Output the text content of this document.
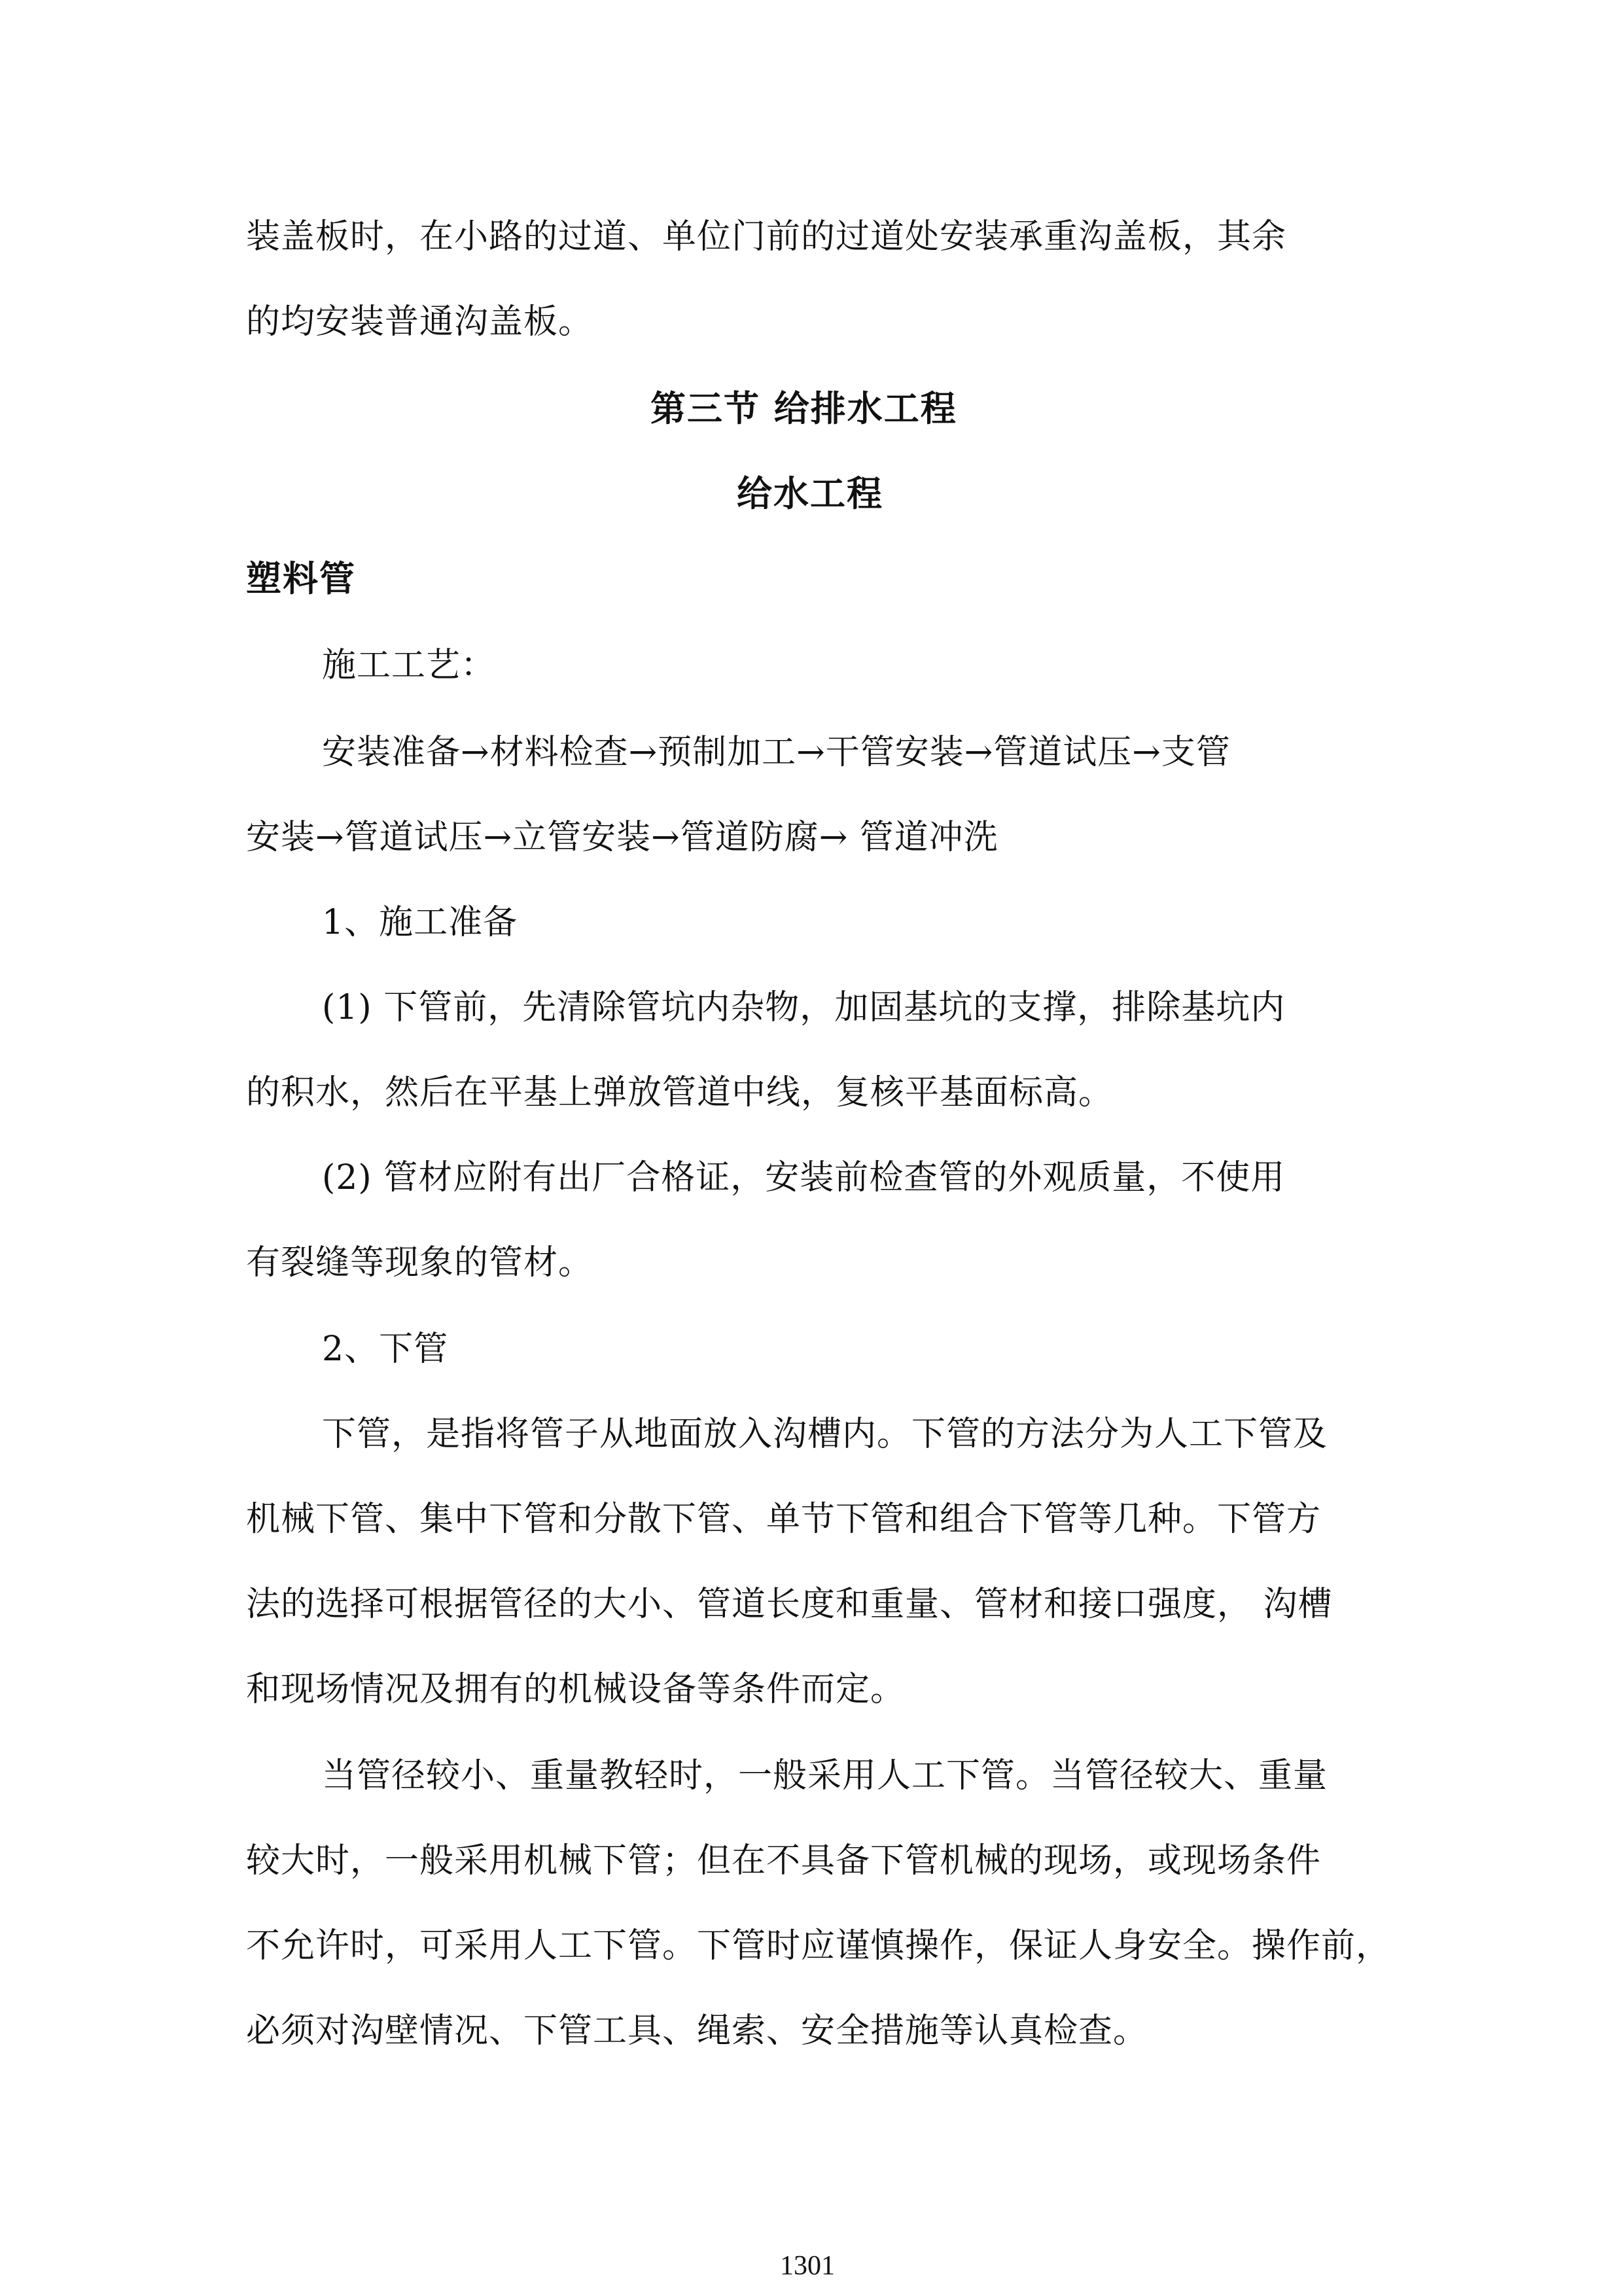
装盖板时，在小路的过道、单位门前的过道处安装承重沟盖板，其余
的均安装普通沟盖板。
第三节 给排水工程
给水工程
塑料管
施工工艺：
安装准备→材料检查→预制加工→干管安装→管道试压→支管
安装→管道试压→立管安装→管道防腐→ 管道冲洗
1、施工准备
(1) 下管前，先清除管坑内杂物，加固基坑的支撑，排除基坑内
的积水，然后在平基上弹放管道中线，复核平基面标高。
(2) 管材应附有出厂合格证，安装前检查管的外观质量，不使用
有裂缝等现象的管材。
2、下管
下管，是指将管子从地面放入沟槽内。下管的方法分为人工下管及
机械下管、集中下管和分散下管、单节下管和组合下管等几种。下管方
法的选择可根据管径的大小、管道长度和重量、管材和接口强度， 沟槽
和现场情况及拥有的机械设备等条件而定。
当管径较小、重量教轻时，一般采用人工下管。当管径较大、重量
较大时，一般采用机械下管；但在不具备下管机械的现场，或现场条件
不允许时，可采用人工下管。下管时应谨慎操作，保证人身安全。操作前，
必须对沟壁情况、下管工具、绳索、安全措施等认真检查。
1301
